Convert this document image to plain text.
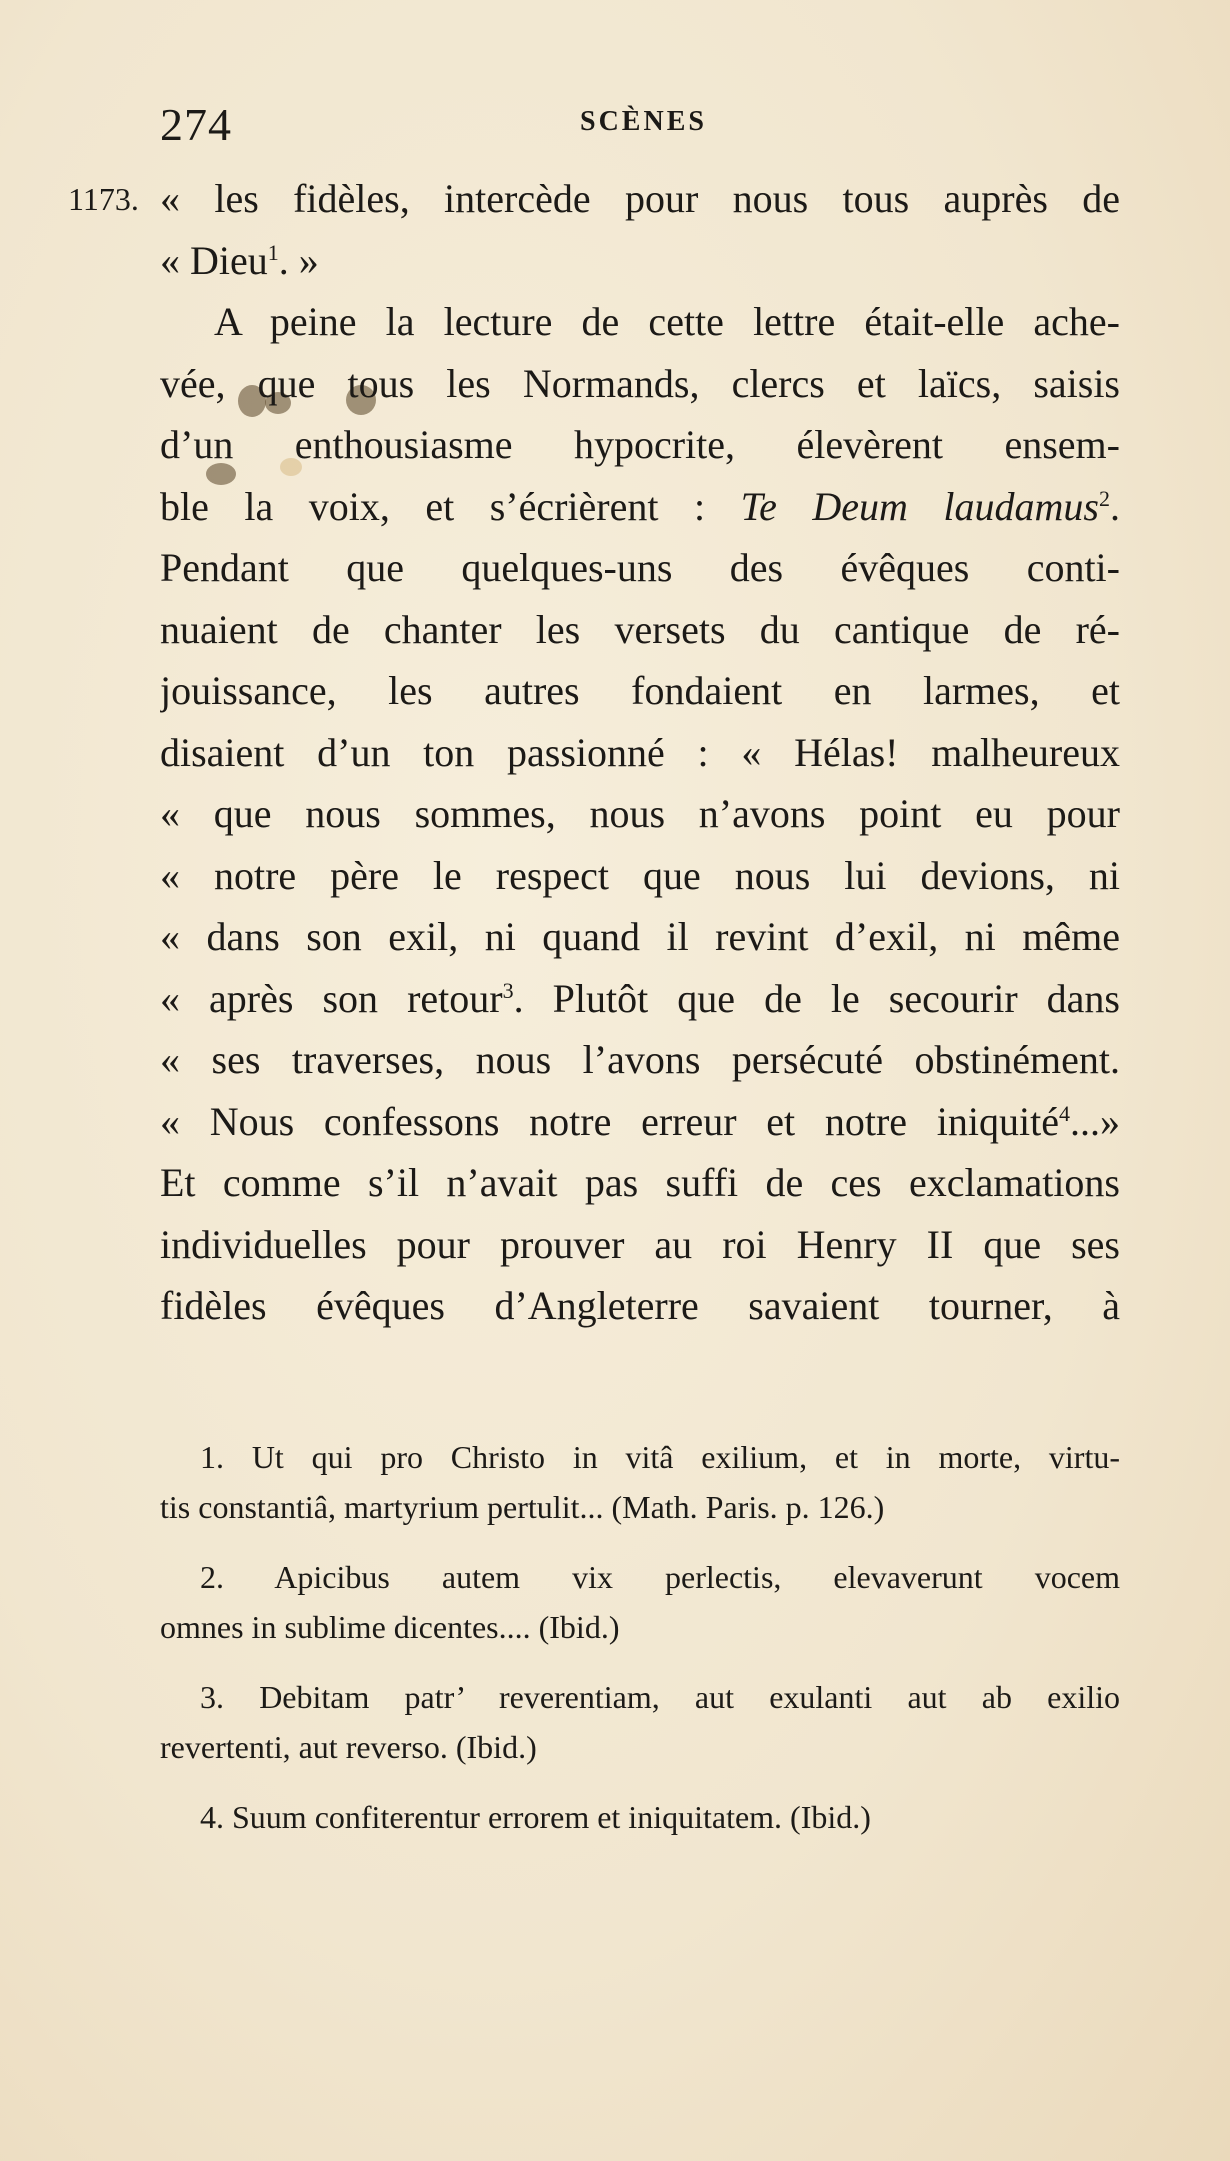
274	SCÈNES
1173. « les fidèles, intercède pour nous tous auprès de
« Dieu$^1$. »
A peine la lecture de cette lettre était-elle ache-
vée, que tous les Normands, clercs et laïcs, saisis
d’un enthousiasme hypocrite, élevèrent ensem-
ble la voix, et s’écrièrent : Te Deum laudamus$^2$.
Pendant que quelques-uns des évêques conti-
nuaient de chanter les versets du cantique de ré-
jouissance, les autres fondaient en larmes, et
disaient d’un ton passionné : « Hélas! malheureux
« que nous sommes, nous n’avons point eu pour
« notre père le respect que nous lui devions, ni
« dans son exil, ni quand il revint d’exil, ni même
« après son retour$^3$. Plutôt que de le secourir dans
« ses traverses, nous l’avons persécuté obstinément.
« Nous confessons notre erreur et notre iniquité$^4$...»
Et comme s’il n’avait pas suffi de ces exclamations
individuelles pour prouver au roi Henry II que ses
fidèles évêques d’Angleterre savaient tourner, à
1. Ut qui pro Christo in vitâ exilium, et in morte, virtu-
tis constantiâ, martyrium pertulit... (Math. Paris. p. 126.)
2. Apicibus autem vix perlectis, elevaverunt vocem
omnes in sublime dicentes.... (Ibid.)
3. Debitam patr’ reverentiam, aut exulanti aut ab exilio
revertenti, aut reverso. (Ibid.)
4. Suum confiterentur errorem et iniquitatem. (Ibid.)
